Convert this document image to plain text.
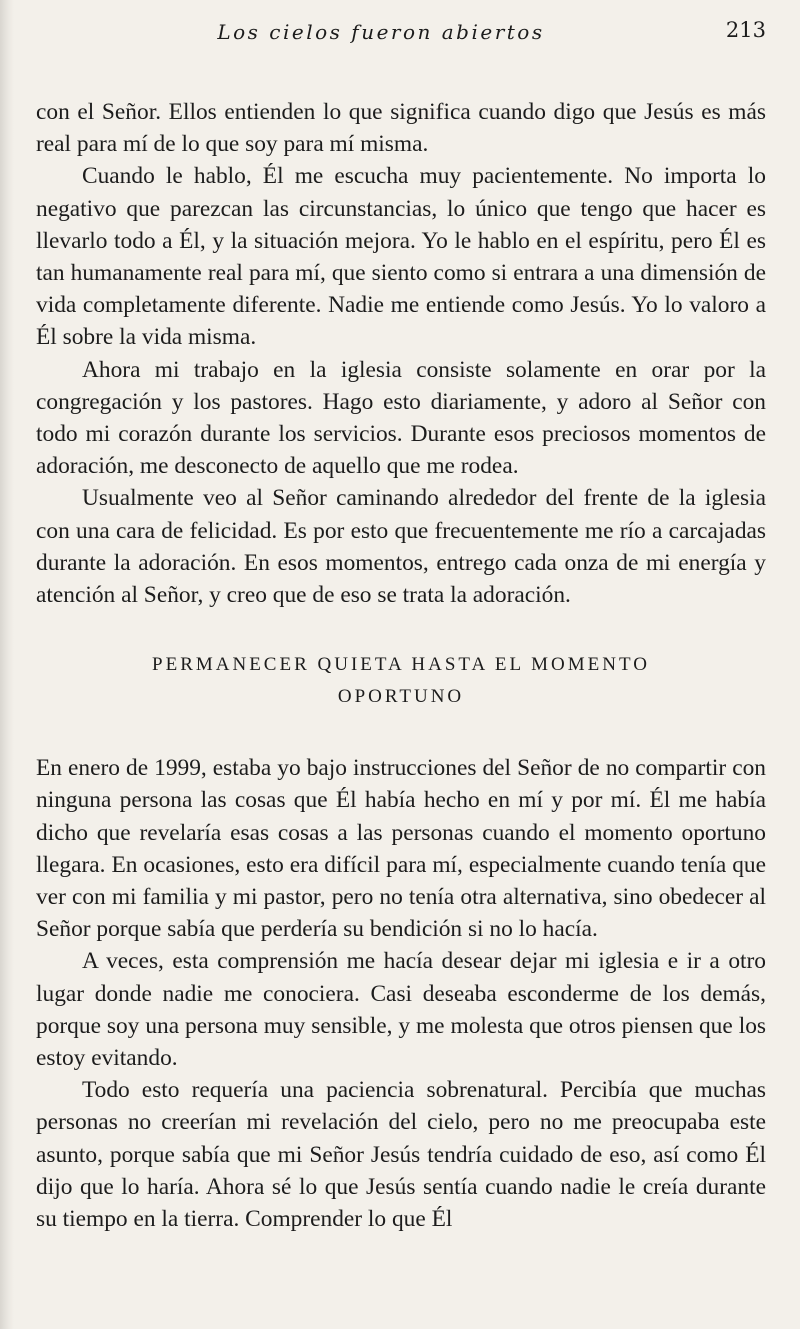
Los cielos fueron abiertos	213

con el Señor. Ellos entienden lo que significa cuando digo que Jesús es más real para mí de lo que soy para mí misma.

Cuando le hablo, Él me escucha muy pacientemente. No importa lo negativo que parezcan las circunstancias, lo único que tengo que hacer es llevarlo todo a Él, y la situación mejora. Yo le hablo en el espíritu, pero Él es tan humanamente real para mí, que siento como si entrara a una dimensión de vida completamente diferente. Nadie me entiende como Jesús. Yo lo valoro a Él sobre la vida misma.

Ahora mi trabajo en la iglesia consiste solamente en orar por la congregación y los pastores. Hago esto diariamente, y adoro al Señor con todo mi corazón durante los servicios. Durante esos preciosos momentos de adoración, me desconecto de aquello que me rodea.

Usualmente veo al Señor caminando alrededor del frente de la iglesia con una cara de felicidad. Es por esto que frecuentemente me río a carcajadas durante la adoración. En esos momentos, entrego cada onza de mi energía y atención al Señor, y creo que de eso se trata la adoración.

PERMANECER QUIETA HASTA EL MOMENTO
OPORTUNO

En enero de 1999, estaba yo bajo instrucciones del Señor de no compartir con ninguna persona las cosas que Él había hecho en mí y por mí. Él me había dicho que revelaría esas cosas a las personas cuando el momento oportuno llegara. En ocasiones, esto era difícil para mí, especialmente cuando tenía que ver con mi familia y mi pastor, pero no tenía otra alternativa, sino obedecer al Señor porque sabía que perdería su bendición si no lo hacía.

A veces, esta comprensión me hacía desear dejar mi iglesia e ir a otro lugar donde nadie me conociera. Casi deseaba esconderme de los demás, porque soy una persona muy sensible, y me molesta que otros piensen que los estoy evitando.

Todo esto requería una paciencia sobrenatural. Percibía que muchas personas no creerían mi revelación del cielo, pero no me preocupaba este asunto, porque sabía que mi Señor Jesús tendría cuidado de eso, así como Él dijo que lo haría. Ahora sé lo que Jesús sentía cuando nadie le creía durante su tiempo en la tierra. Comprender lo que Él
